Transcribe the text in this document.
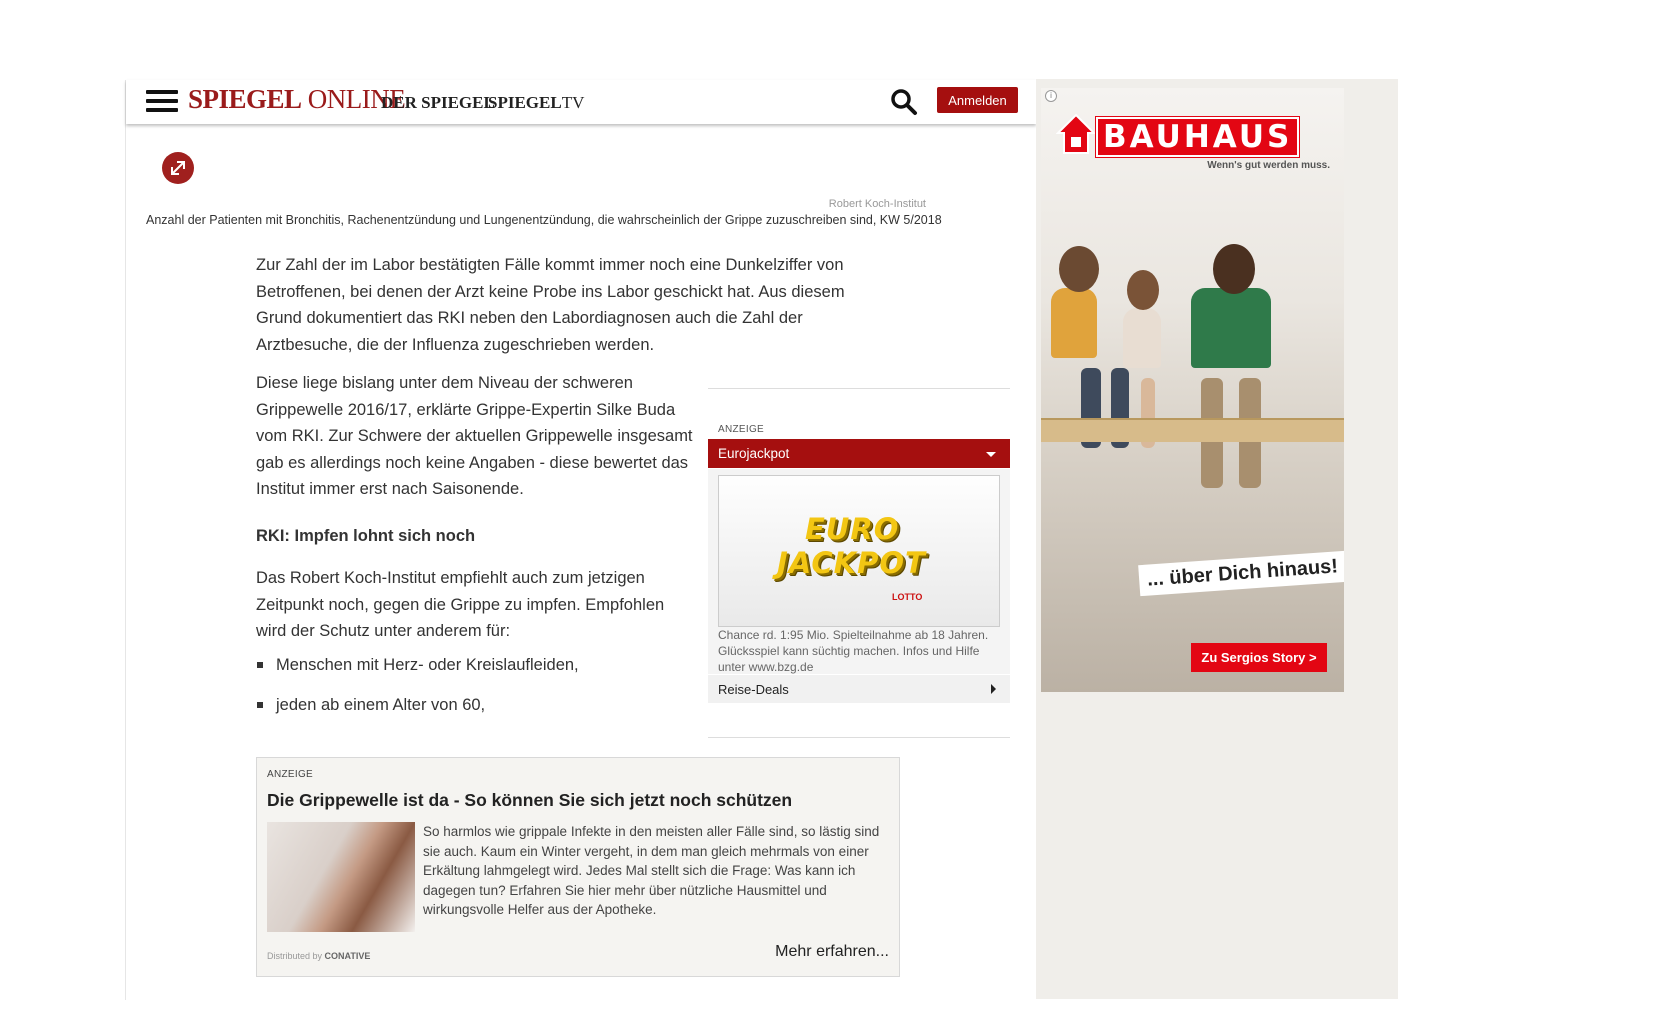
SPIEGEL ONLINE
DER SPIEGEL
SPIEGELTV	Anmelden
Robert Koch-Institut
Anzahl der Patienten mit Bronchitis, Rachenentzündung und Lungenentzündung, die wahrscheinlich der Grippe zuzuschreiben sind, KW 5/2018

Zur Zahl der im Labor bestätigten Fälle kommt immer noch eine Dunkelziffer von Betroffenen, bei denen der Arzt keine Probe ins Labor geschickt hat. Aus diesem Grund dokumentiert das RKI neben den Labordiagnosen auch die Zahl der Arztbesuche, die der Influenza zugeschrieben werden.

Diese liege bislang unter dem Niveau der schweren Grippewelle 2016/17, erklärte Grippe-Expertin Silke Buda vom RKI. Zur Schwere der aktuellen Grippewelle insgesamt gab es allerdings noch keine Angaben - diese bewertet das Institut immer erst nach Saisonende.

RKI: Impfen lohnt sich noch

Das Robert Koch-Institut empfiehlt auch zum jetzigen Zeitpunkt noch, gegen die Grippe zu impfen. Empfohlen wird der Schutz unter anderem für:

Menschen mit Herz- oder Kreislaufleiden,
jeden ab einem Alter von 60,
ANZEIGE
Eurojackpot
EURO
JACKPOT
LOTTO
Chance rd. 1:95 Mio. Spielteilnahme ab 18 Jahren. Glücksspiel kann süchtig machen. Infos und Hilfe unter www.bzg.de
Reise-Deals
ANZEIGE
Die Grippewelle ist da - So können Sie sich jetzt noch schützen

So harmlos wie grippale Infekte in den meisten aller Fälle sind, so lästig sind sie auch. Kaum ein Winter vergeht, in dem man gleich mehrmals von einer Erkältung lahmgelegt wird. Jedes Mal stellt sich die Frage: Was kann ich dagegen tun? Erfahren Sie hier mehr über nützliche Hausmittel und wirkungsvolle Helfer aus der Apotheke.

Distributed by CONATIVE	Mehr erfahren...
i
BAUHAUS
Wenn's gut werden muss.
... über Dich hinaus!
Zu Sergios Story >
